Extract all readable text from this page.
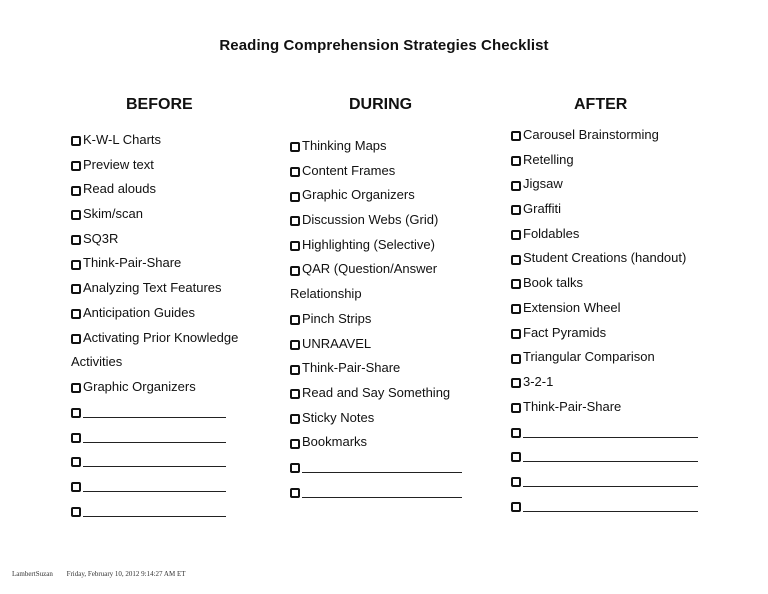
Reading Comprehension Strategies Checklist
BEFORE	DURING	AFTER
K-W-L Charts
Preview text
Read alouds
Skim/scan
SQ3R
Think-Pair-Share
Analyzing Text Features
Anticipation Guides
Activating Prior Knowledge
Activities
Graphic Organizers
Thinking Maps
Content Frames
Graphic Organizers
Discussion Webs (Grid)
Highlighting (Selective)
QAR (Question/Answer
Relationship
Pinch Strips
UNRAAVEL
Think-Pair-Share
Read and Say Something
Sticky Notes
Bookmarks
Carousel Brainstorming
Retelling
Jigsaw
Graffiti
Foldables
Student Creations (handout)
Book talks
Extension Wheel
Fact Pyramids
Triangular Comparison
3-2-1
Think-Pair-Share
LambertSuzan Friday, February 10, 2012 9:14:27 AM ET
